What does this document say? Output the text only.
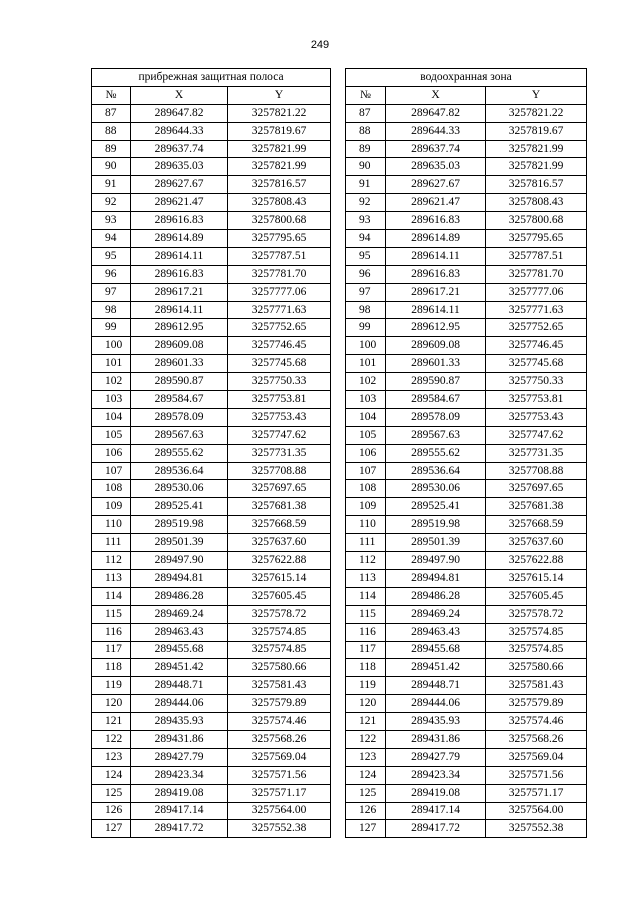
249
прибрежная защитная полоса				водоохранная зона		
№	X	Y		№	X	Y
87	289647.82	3257821.22		87	289647.82	3257821.22
88	289644.33	3257819.67		88	289644.33	3257819.67
89	289637.74	3257821.99		89	289637.74	3257821.99
90	289635.03	3257821.99		90	289635.03	3257821.99
91	289627.67	3257816.57		91	289627.67	3257816.57
92	289621.47	3257808.43		92	289621.47	3257808.43
93	289616.83	3257800.68		93	289616.83	3257800.68
94	289614.89	3257795.65		94	289614.89	3257795.65
95	289614.11	3257787.51		95	289614.11	3257787.51
96	289616.83	3257781.70		96	289616.83	3257781.70
97	289617.21	3257777.06		97	289617.21	3257777.06
98	289614.11	3257771.63		98	289614.11	3257771.63
99	289612.95	3257752.65		99	289612.95	3257752.65
100	289609.08	3257746.45		100	289609.08	3257746.45
101	289601.33	3257745.68		101	289601.33	3257745.68
102	289590.87	3257750.33		102	289590.87	3257750.33
103	289584.67	3257753.81		103	289584.67	3257753.81
104	289578.09	3257753.43		104	289578.09	3257753.43
105	289567.63	3257747.62		105	289567.63	3257747.62
106	289555.62	3257731.35		106	289555.62	3257731.35
107	289536.64	3257708.88		107	289536.64	3257708.88
108	289530.06	3257697.65		108	289530.06	3257697.65
109	289525.41	3257681.38		109	289525.41	3257681.38
110	289519.98	3257668.59		110	289519.98	3257668.59
111	289501.39	3257637.60		111	289501.39	3257637.60
112	289497.90	3257622.88		112	289497.90	3257622.88
113	289494.81	3257615.14		113	289494.81	3257615.14
114	289486.28	3257605.45		114	289486.28	3257605.45
115	289469.24	3257578.72		115	289469.24	3257578.72
116	289463.43	3257574.85		116	289463.43	3257574.85
117	289455.68	3257574.85		117	289455.68	3257574.85
118	289451.42	3257580.66		118	289451.42	3257580.66
119	289448.71	3257581.43		119	289448.71	3257581.43
120	289444.06	3257579.89		120	289444.06	3257579.89
121	289435.93	3257574.46		121	289435.93	3257574.46
122	289431.86	3257568.26		122	289431.86	3257568.26
123	289427.79	3257569.04		123	289427.79	3257569.04
124	289423.34	3257571.56		124	289423.34	3257571.56
125	289419.08	3257571.17		125	289419.08	3257571.17
126	289417.14	3257564.00		126	289417.14	3257564.00
127	289417.72	3257552.38		127	289417.72	3257552.38
